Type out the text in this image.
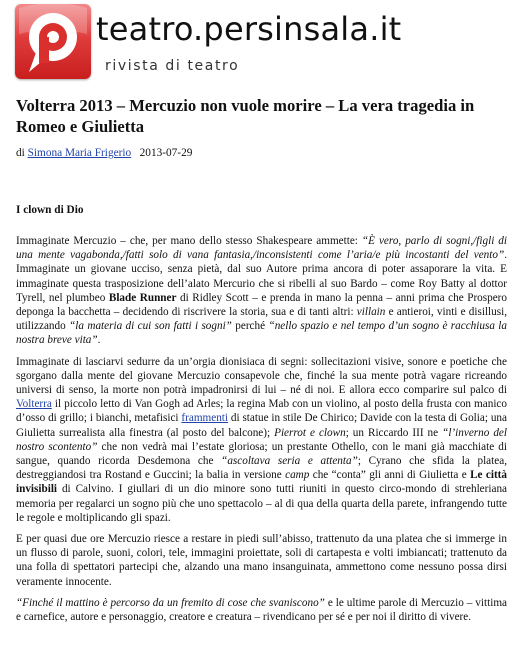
teatro.persinsala.it
rivista di teatro
Volterra 2013 – Mercuzio non vuole morire – La vera tragedia in Romeo e Giulietta
di Simona Maria Frigerio 2013-07-29
I clown di Dio

Immaginate Mercuzio – che, per mano dello stesso Shakespeare ammette: “È vero, parlo di sogni,/figli di una mente vagabonda,/fatti solo di vana fantasia,/inconsistenti come l’aria/e più incostanti del vento”. Immaginate un giovane ucciso, senza pietà, dal suo Autore prima ancora di poter assaporare la vita. E immaginate questa trasposizione dell’alato Mercurio che si ribelli al suo Bardo – come Roy Batty al dottor Tyrell, nel plumbeo Blade Runner di Ridley Scott – e prenda in mano la penna – anni prima che Prospero deponga la bacchetta – decidendo di riscrivere la storia, sua e di tanti altri: villain e antieroi, vinti e disillusi, utilizzando “la materia di cui son fatti i sogni” perché “nello spazio e nel tempo d’un sogno è racchiusa la nostra breve vita”.

Immaginate di lasciarvi sedurre da un’orgia dionisiaca di segni: sollecitazioni visive, sonore e poetiche che sgorgano dalla mente del giovane Mercuzio consapevole che, finché la sua mente potrà vagare ricreando universi di senso, la morte non potrà impadronirsi di lui – né di noi. E allora ecco comparire sul palco di Volterra il piccolo letto di Van Gogh ad Arles; la regina Mab con un violino, al posto della frusta con manico d’osso di grillo; i bianchi, metafisici frammenti di statue in stile De Chirico; Davide con la testa di Golia; una Giulietta surrealista alla finestra (al posto del balcone); Pierrot e clown; un Riccardo III ne “l’inverno del nostro scontento” che non vedrà mai l’estate gloriosa; un prestante Othello, con le mani già macchiate di sangue, quando ricorda Desdemona che “ascoltava seria e attenta”; Cyrano che sfida la platea, destreggiandosi tra Rostand e Guccini; la balia in versione camp che “conta” gli anni di Giulietta e Le città invisibili di Calvino. I giullari di un dio minore sono tutti riuniti in questo circo-mondo di strehleriana memoria per regalarci un sogno più che uno spettacolo – al di qua della quarta della parete, infrangendo tutte le regole e moltiplicando gli spazi.

E per quasi due ore Mercuzio riesce a restare in piedi sull’abisso, trattenuto da una platea che si immerge in un flusso di parole, suoni, colori, tele, immagini proiettate, soli di cartapesta e volti imbiancati; trattenuto da una folla di spettatori partecipi che, alzando una mano insanguinata, ammettono come nessuno possa dirsi veramente innocente.

“Finché il mattino è percorso da un fremito di cose che svaniscono” e le ultime parole di Mercuzio – vittima e carnefice, autore e personaggio, creatore e creatura – rivendicano per sé e per noi il diritto di vivere.
